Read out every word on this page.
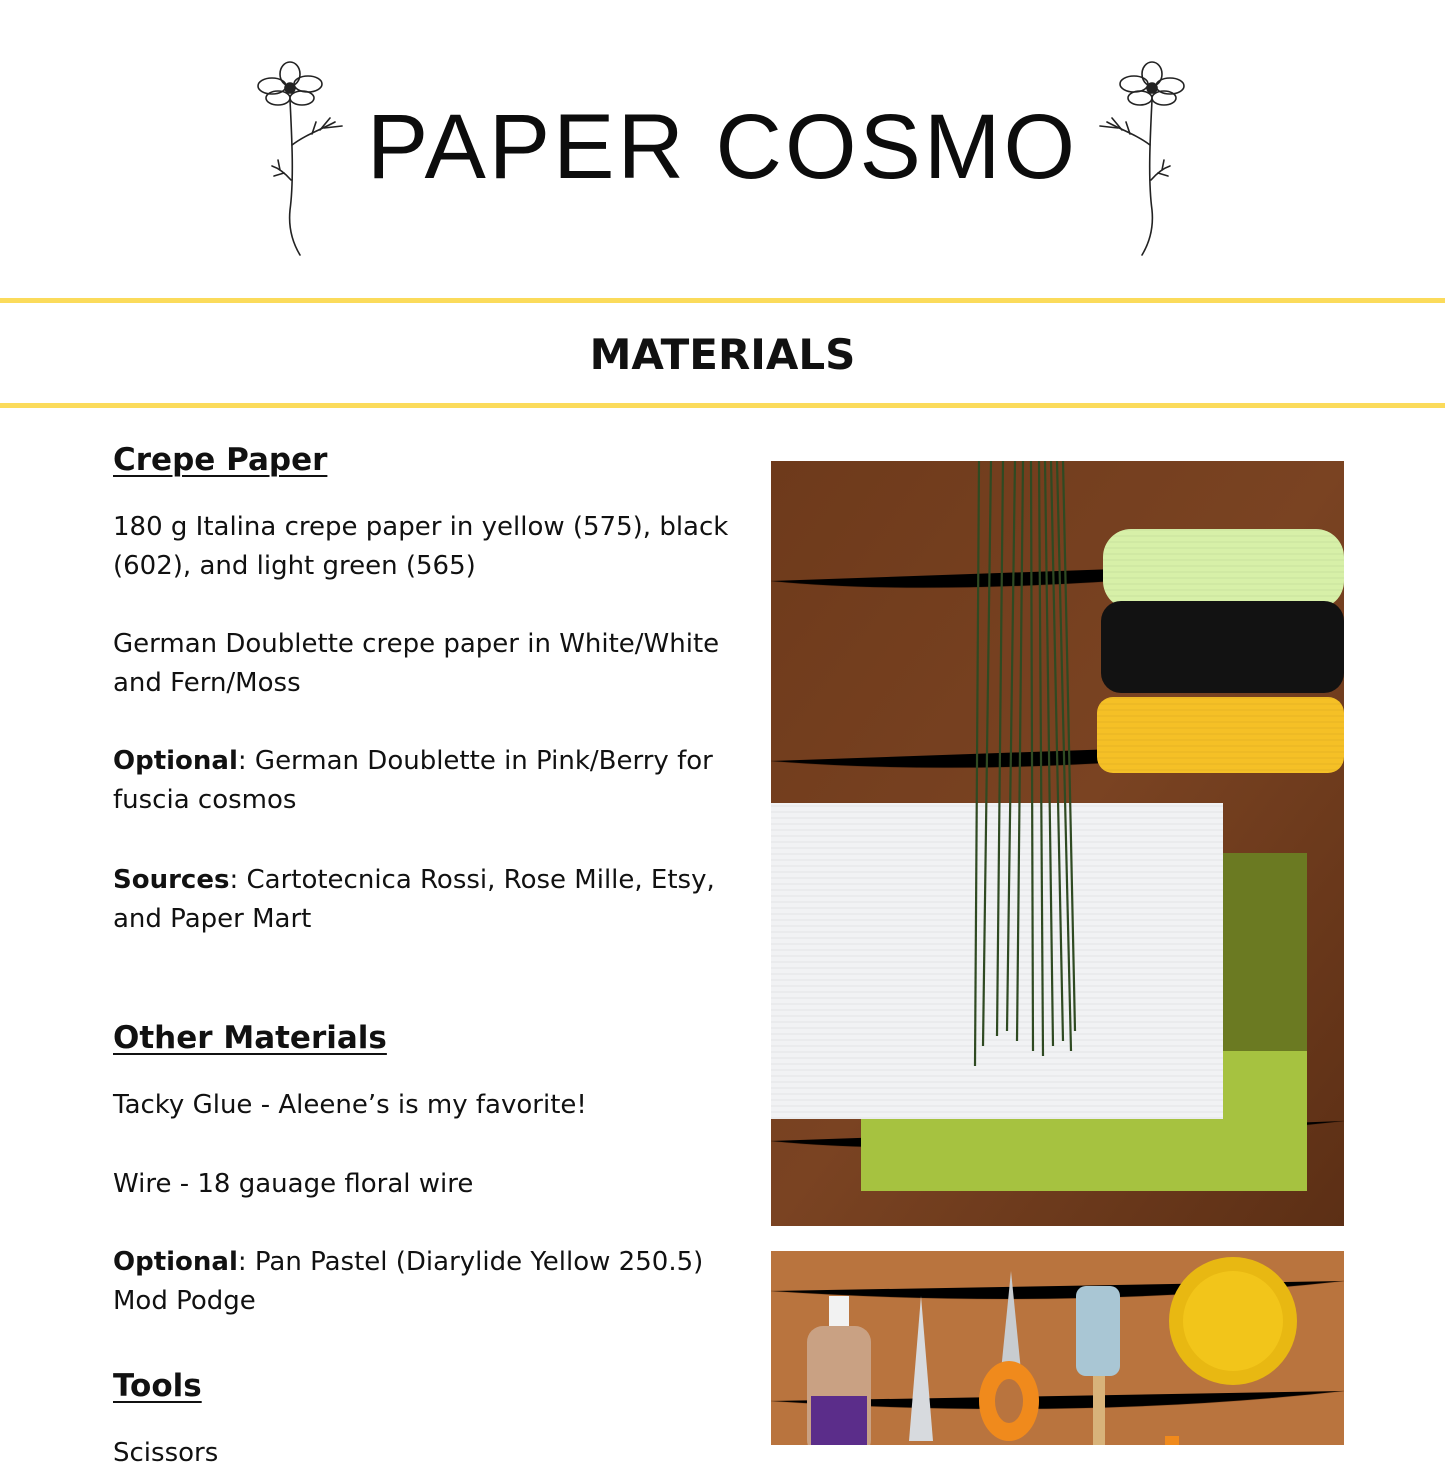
PAPER COSMO
MATERIALS
Crepe Paper

180 g Italina crepe paper in yellow (575), black (602), and light green (565)

German Doublette crepe paper in White/White and Fern/Moss

Optional: German Doublette in Pink/Berry for fuscia cosmos

Sources: Cartotecnica Rossi, Rose Mille, Etsy, and Paper Mart

Other Materials

Tacky Glue - Aleene’s is my favorite!

Wire - 18 gauage floral wire

Optional: Pan Pastel (Diarylide Yellow 250.5) Mod Podge

Tools

Scissors
